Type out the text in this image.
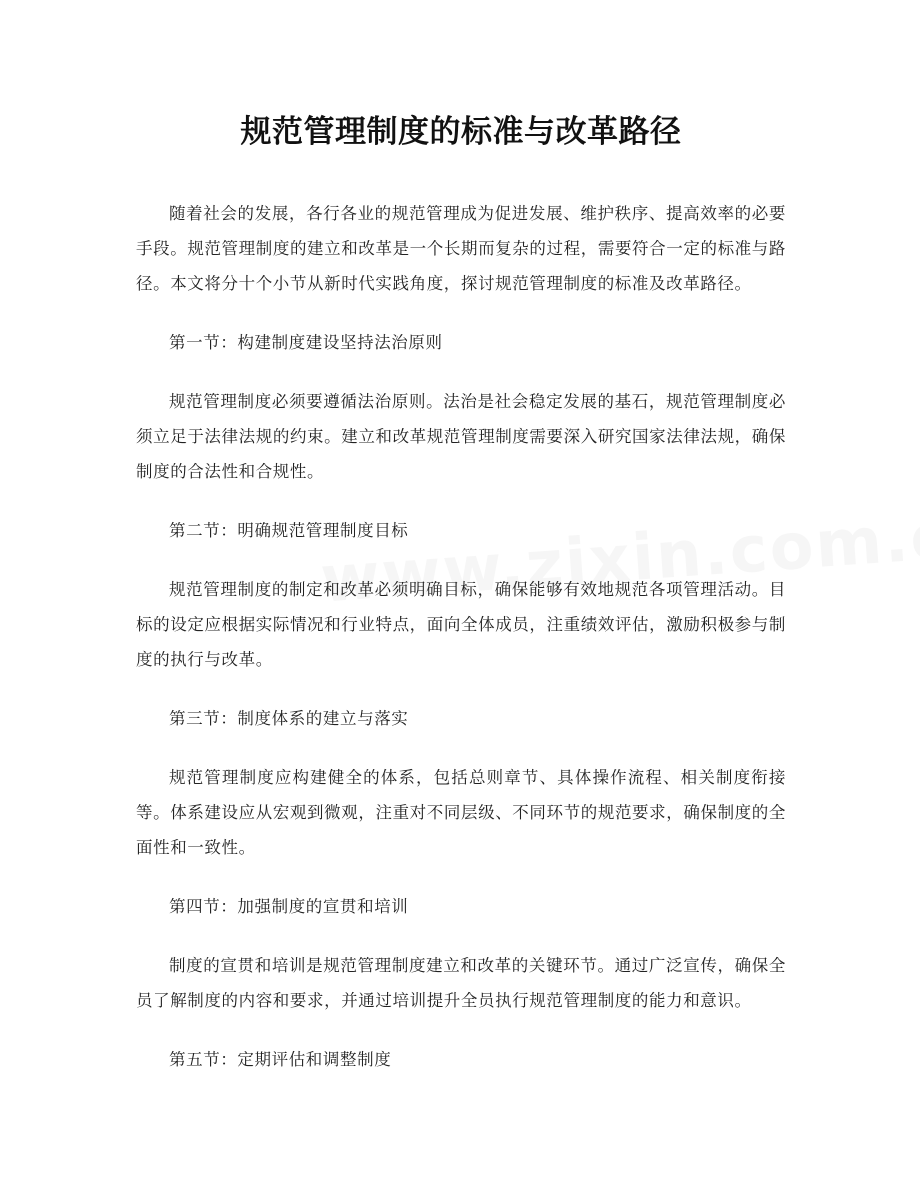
规范管理制度的标准与改革路径

随着社会的发展，各行各业的规范管理成为促进发展、维护秩序、提高效率的必要手段。规范管理制度的建立和改革是一个长期而复杂的过程，需要符合一定的标准与路径。本文将分十个小节从新时代实践角度，探讨规范管理制度的标准及改革路径。

第一节：构建制度建设坚持法治原则

规范管理制度必须要遵循法治原则。法治是社会稳定发展的基石，规范管理制度必须立足于法律法规的约束。建立和改革规范管理制度需要深入研究国家法律法规，确保制度的合法性和合规性。

第二节：明确规范管理制度目标

规范管理制度的制定和改革必须明确目标，确保能够有效地规范各项管理活动。目标的设定应根据实际情况和行业特点，面向全体成员，注重绩效评估，激励积极参与制度的执行与改革。

第三节：制度体系的建立与落实

规范管理制度应构建健全的体系，包括总则章节、具体操作流程、相关制度衔接等。体系建设应从宏观到微观，注重对不同层级、不同环节的规范要求，确保制度的全面性和一致性。

第四节：加强制度的宣贯和培训

制度的宣贯和培训是规范管理制度建立和改革的关键环节。通过广泛宣传，确保全员了解制度的内容和要求，并通过培训提升全员执行规范管理制度的能力和意识。

第五节：定期评估和调整制度
